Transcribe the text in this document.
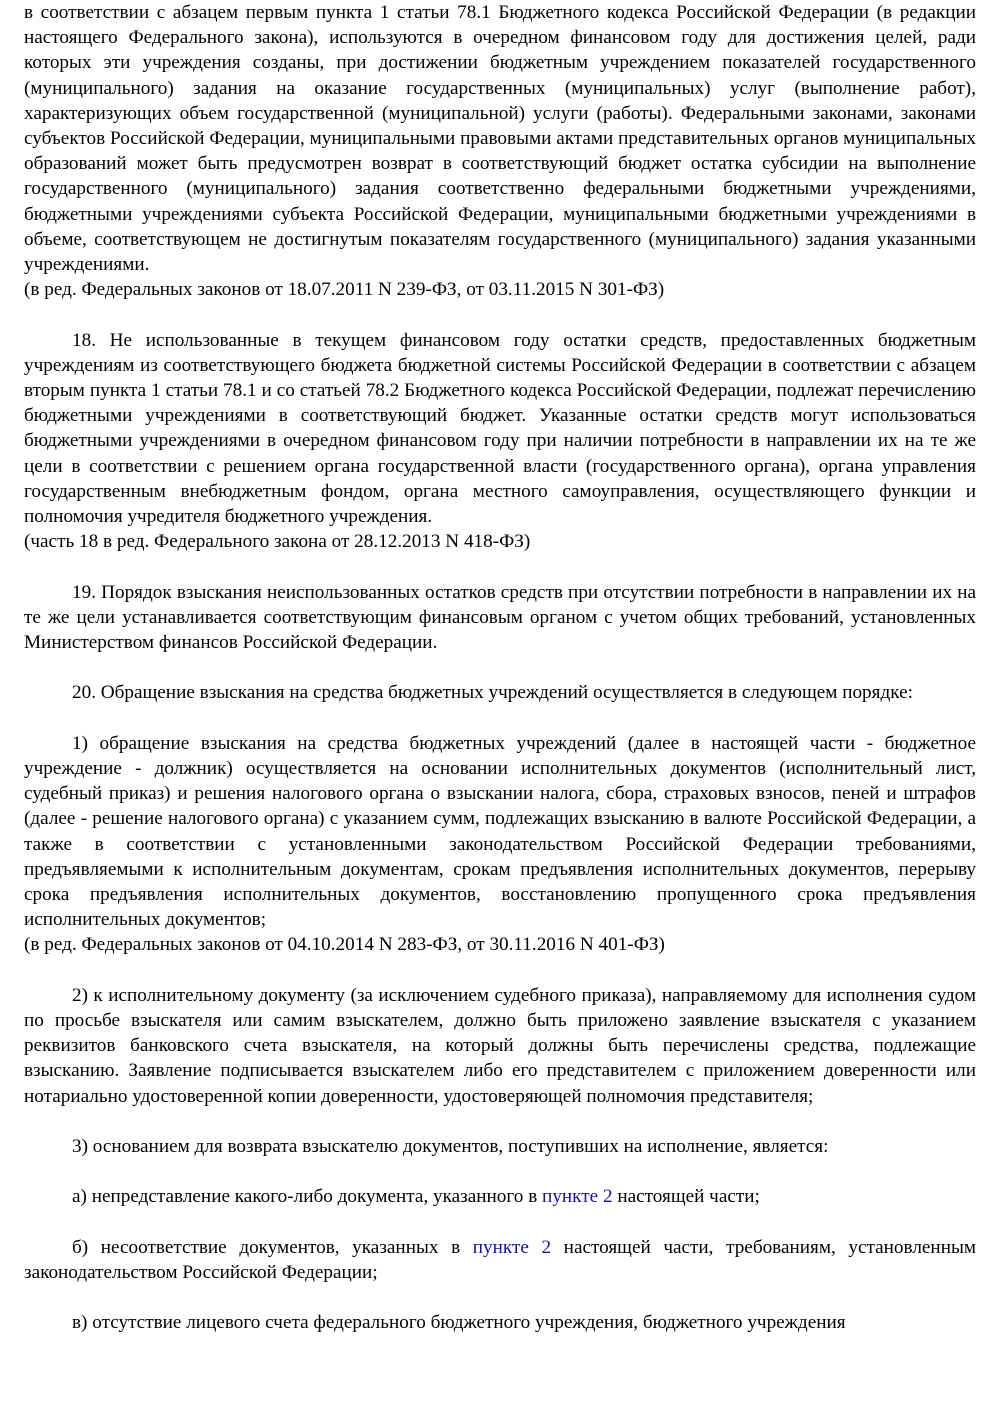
в соответствии с абзацем первым пункта 1 статьи 78.1 Бюджетного кодекса Российской Федерации (в редакции настоящего Федерального закона), используются в очередном финансовом году для достижения целей, ради которых эти учреждения созданы, при достижении бюджетным учреждением показателей государственного (муниципального) задания на оказание государственных (муниципальных) услуг (выполнение работ), характеризующих объем государственной (муниципальной) услуги (работы). Федеральными законами, законами субъектов Российской Федерации, муниципальными правовыми актами представительных органов муниципальных образований может быть предусмотрен возврат в соответствующий бюджет остатка субсидии на выполнение государственного (муниципального) задания соответственно федеральными бюджетными учреждениями, бюджетными учреждениями субъекта Российской Федерации, муниципальными бюджетными учреждениями в объеме, соответствующем не достигнутым показателям государственного (муниципального) задания указанными учреждениями.

(в ред. Федеральных законов от 18.07.2011 N 239-ФЗ, от 03.11.2015 N 301-ФЗ)

18. Не использованные в текущем финансовом году остатки средств, предоставленных бюджетным учреждениям из соответствующего бюджета бюджетной системы Российской Федерации в соответствии с абзацем вторым пункта 1 статьи 78.1 и со статьей 78.2 Бюджетного кодекса Российской Федерации, подлежат перечислению бюджетными учреждениями в соответствующий бюджет. Указанные остатки средств могут использоваться бюджетными учреждениями в очередном финансовом году при наличии потребности в направлении их на те же цели в соответствии с решением органа государственной власти (государственного органа), органа управления государственным внебюджетным фондом, органа местного самоуправления, осуществляющего функции и полномочия учредителя бюджетного учреждения.

(часть 18 в ред. Федерального закона от 28.12.2013 N 418-ФЗ)

19. Порядок взыскания неиспользованных остатков средств при отсутствии потребности в направлении их на те же цели устанавливается соответствующим финансовым органом с учетом общих требований, установленных Министерством финансов Российской Федерации.

20. Обращение взыскания на средства бюджетных учреждений осуществляется в следующем порядке:

1) обращение взыскания на средства бюджетных учреждений (далее в настоящей части - бюджетное учреждение - должник) осуществляется на основании исполнительных документов (исполнительный лист, судебный приказ) и решения налогового органа о взыскании налога, сбора, страховых взносов, пеней и штрафов (далее - решение налогового органа) с указанием сумм, подлежащих взысканию в валюте Российской Федерации, а также в соответствии с установленными законодательством Российской Федерации требованиями, предъявляемыми к исполнительным документам, срокам предъявления исполнительных документов, перерыву срока предъявления исполнительных документов, восстановлению пропущенного срока предъявления исполнительных документов;

(в ред. Федеральных законов от 04.10.2014 N 283-ФЗ, от 30.11.2016 N 401-ФЗ)

2) к исполнительному документу (за исключением судебного приказа), направляемому для исполнения судом по просьбе взыскателя или самим взыскателем, должно быть приложено заявление взыскателя с указанием реквизитов банковского счета взыскателя, на который должны быть перечислены средства, подлежащие взысканию. Заявление подписывается взыскателем либо его представителем с приложением доверенности или нотариально удостоверенной копии доверенности, удостоверяющей полномочия представителя;

3) основанием для возврата взыскателю документов, поступивших на исполнение, является:

а) непредставление какого-либо документа, указанного в пункте 2 настоящей части;

б) несоответствие документов, указанных в пункте 2 настоящей части, требованиям, установленным законодательством Российской Федерации;

в) отсутствие лицевого счета федерального бюджетного учреждения, бюджетного учреждения
